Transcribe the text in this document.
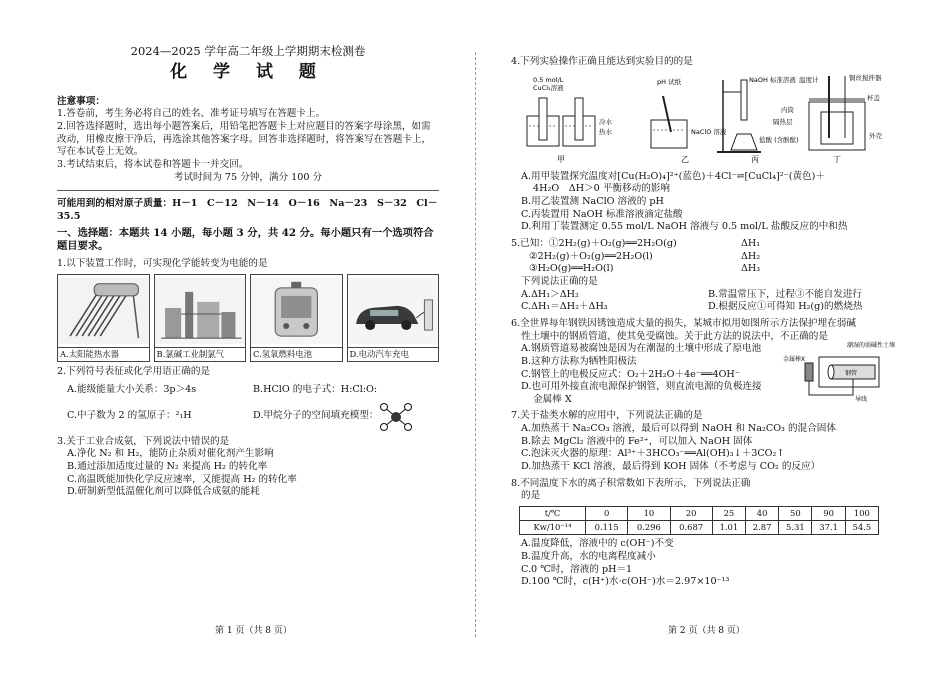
2024—2025 学年高二年级上学期期末检测卷
化 学 试 题
注意事项：
1.答卷前，考生务必将自己的姓名、准考证号填写在答题卡上。
2.回答选择题时，选出每小题答案后，用铅笔把答题卡上对应题目的答案字母涂黑，如需改动，用橡皮擦干净后，再选涂其他答案字母。回答非选择题时，将答案写在答题卡上，写在本试卷上无效。
3.考试结束后，将本试卷和答题卡一并交回。
考试时间为 75 分钟，满分 100 分
可能用到的相对原子质量：H－1　C－12　N－14　O－16　Na－23　S－32　Cl－35.5
一、选择题：本题共 14 小题，每小题 3 分，共 42 分。每小题只有一个选项符合题目要求。
1.以下装置工作时，可实现化学能转变为电能的是
A.太阳能热水器	B.氯碱工业制氯气	C.氢氧燃料电池	D.电动汽车充电
2.下列符号表征或化学用语正确的是
A.能级能量大小关系：3p＞4s	B.HClO 的电子式：H:Cl:O:
C.中子数为 2 的氢原子：²₁H	D.甲烷分子的空间填充模型：
3.关于工业合成氨，下列说法中错误的是
A.净化 N₂ 和 H₂，能防止杂质对催化剂产生影响
B.通过添加适度过量的 N₂ 来提高 H₂ 的转化率
C.高温既能加快化学反应速率，又能提高 H₂ 的转化率
D.研制新型低温催化剂可以降低合成氨的能耗
4.下列实验操作正确且能达到实验目的的是
0.5 mol/L
CuCl₂溶液
冷水
热水
甲
pH 试纸
NaClO 溶液
乙
NaOH 标准溶液
盐酸 (含酚酞)
丙
温度计	铜丝搅拌器
杯盖
内筒
隔热层
外壳
丁
A.用甲装置探究温度对[Cu(H₂O)₄]²⁺(蓝色)＋4Cl⁻⇌[CuCl₄]²⁻(黄色)＋
4H₂O　ΔH＞0 平衡移动的影响
B.用乙装置测 NaClO 溶液的 pH
C.丙装置用 NaOH 标准溶液滴定盐酸
D.利用丁装置测定 0.55 mol/L NaOH 溶液与 0.5 mol/L 盐酸反应的中和热
5.已知：①2H₂(g)＋O₂(g)══2H₂O(g)	ΔH₁
②2H₂(g)＋O₂(g)══2H₂O(l)	ΔH₂
③H₂O(g)══H₂O(l)	ΔH₃
下列说法正确的是
A.ΔH₁＞ΔH₂	B.常温常压下，过程③不能自发进行
C.ΔH₁＝ΔH₂＋ΔH₃	D.根据反应①可得知 H₂(g)的燃烧热
6.全世界每年钢铁因锈蚀造成大量的损失，某城市拟用如图所示方法保护埋在弱碱
性土壤中的钢质管道，使其免受腐蚀。关于此方法的说法中，不正确的是
A.钢质管道易被腐蚀是因为在潮湿的土壤中形成了原电池
B.这种方法称为牺牲阳极法
C.钢管上的电极反应式：O₂＋2H₂O＋4e⁻══4OH⁻
D.也可用外接直流电源保护钢管，则直流电源的负极连接
金属棒 X
金属棒X
潮湿的弱碱性土壤
钢管
导线
7.关于盐类水解的应用中，下列说法正确的是
A.加热蒸干 Na₂CO₃ 溶液，最后可以得到 NaOH 和 Na₂CO₃ 的混合固体
B.除去 MgCl₂ 溶液中的 Fe²⁺，可以加入 NaOH 固体
C.泡沫灭火器的原理：Al³⁺＋3HCO₃⁻══Al(OH)₃↓＋3CO₂↑
D.加热蒸干 KCl 溶液，最后得到 KOH 固体（不考虑与 CO₂ 的反应）
8.不同温度下水的离子积常数如下表所示，下列说法正确
的是
t/℃	0	10	20	25	40	50	90	100
Kw/10⁻¹⁴	0.115	0.296	0.687	1.01	2.87	5.31	37.1	54.5
A.温度降低，溶液中的 c(OH⁻)不变
B.温度升高，水的电离程度减小
C.0 ℃时，溶液的 pH＝1
D.100 ℃时，c(H⁺)水·c(OH⁻)水＝2.97×10⁻¹³
第 1 页（共 8 页）	第 2 页（共 8 页）
